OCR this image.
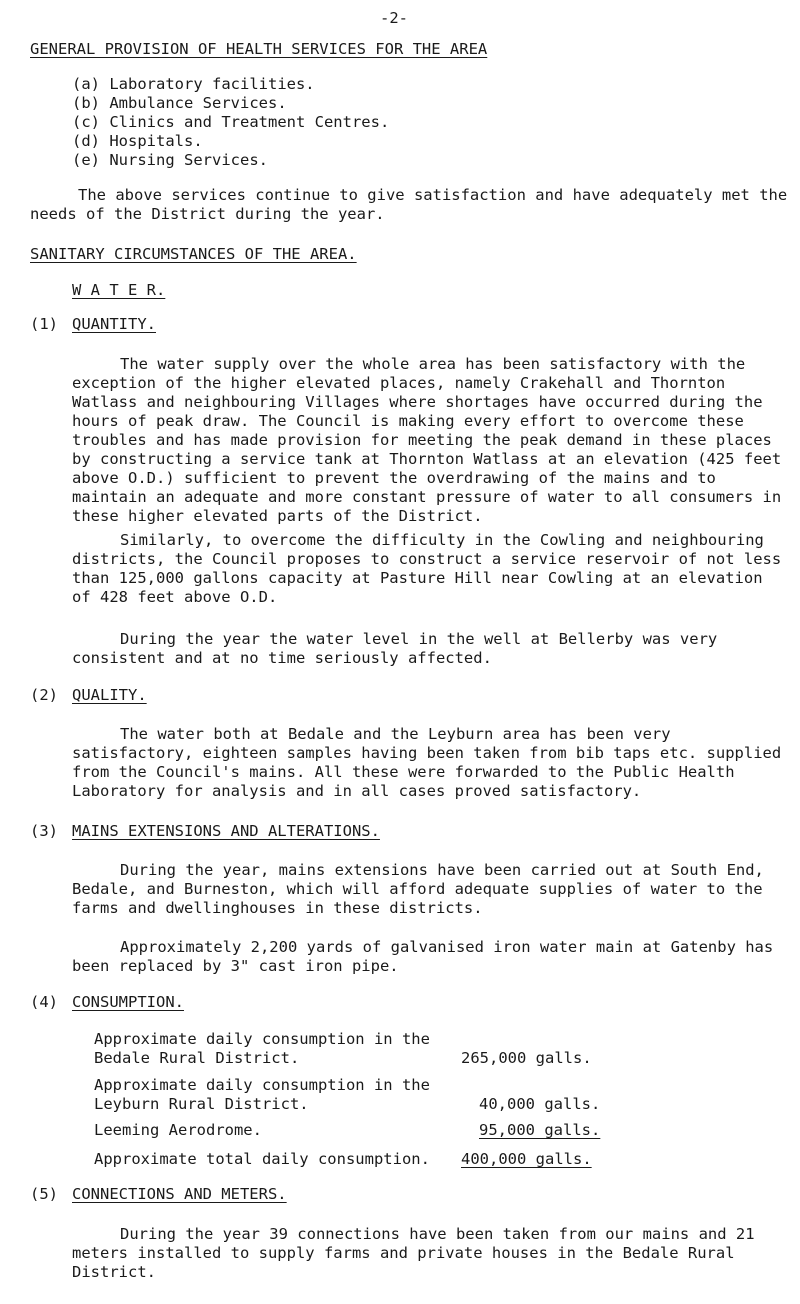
-2-
GENERAL PROVISION OF HEALTH SERVICES FOR THE AREA
(a) Laboratory facilities.
(b) Ambulance Services.
(c) Clinics and Treatment Centres.
(d) Hospitals.
(e) Nursing Services.

The above services continue to give satisfaction and have adequately met the needs of the District during the year.

SANITARY CIRCUMSTANCES OF THE AREA.
W A T E R.
(1) QUANTITY.

The water supply over the whole area has been satisfactory with the exception of the higher elevated places, namely Crakehall and Thornton Watlass and neighbouring Villages where shortages have occurred during the hours of peak draw. The Council is making every effort to overcome these troubles and has made provision for meeting the peak demand in these places by constructing a service tank at Thornton Watlass at an elevation (425 feet above O.D.) sufficient to prevent the overdrawing of the mains and to maintain an adequate and more constant pressure of water to all consumers in these higher elevated parts of the District.

Similarly, to overcome the difficulty in the Cowling and neighbouring districts, the Council proposes to construct a service reservoir of not less than 125,000 gallons capacity at Pasture Hill near Cowling at an elevation of 428 feet above O.D.

During the year the water level in the well at Bellerby was very consistent and at no time seriously affected.

(2) QUALITY.

The water both at Bedale and the Leyburn area has been very satisfactory, eighteen samples having been taken from bib taps etc. supplied from the Council's mains. All these were forwarded to the Public Health Laboratory for analysis and in all cases proved satisfactory.

(3) MAINS EXTENSIONS AND ALTERATIONS.

During the year, mains extensions have been carried out at South End, Bedale, and Burneston, which will afford adequate supplies of water to the farms and dwellinghouses in these districts.

Approximately 2,200 yards of galvanised iron water main at Gatenby has been replaced by 3" cast iron pipe.

(4) CONSUMPTION.
Approximate daily consumption in the
Bedale Rural District.	265,000 galls.
Approximate daily consumption in the
Leyburn Rural District.	40,000 galls.
Leeming Aerodrome.	95,000 galls.
Approximate total daily consumption. 400,000 galls.
(5) CONNECTIONS AND METERS.

During the year 39 connections have been taken from our mains and 21 meters installed to supply farms and private houses in the Bedale Rural District.
